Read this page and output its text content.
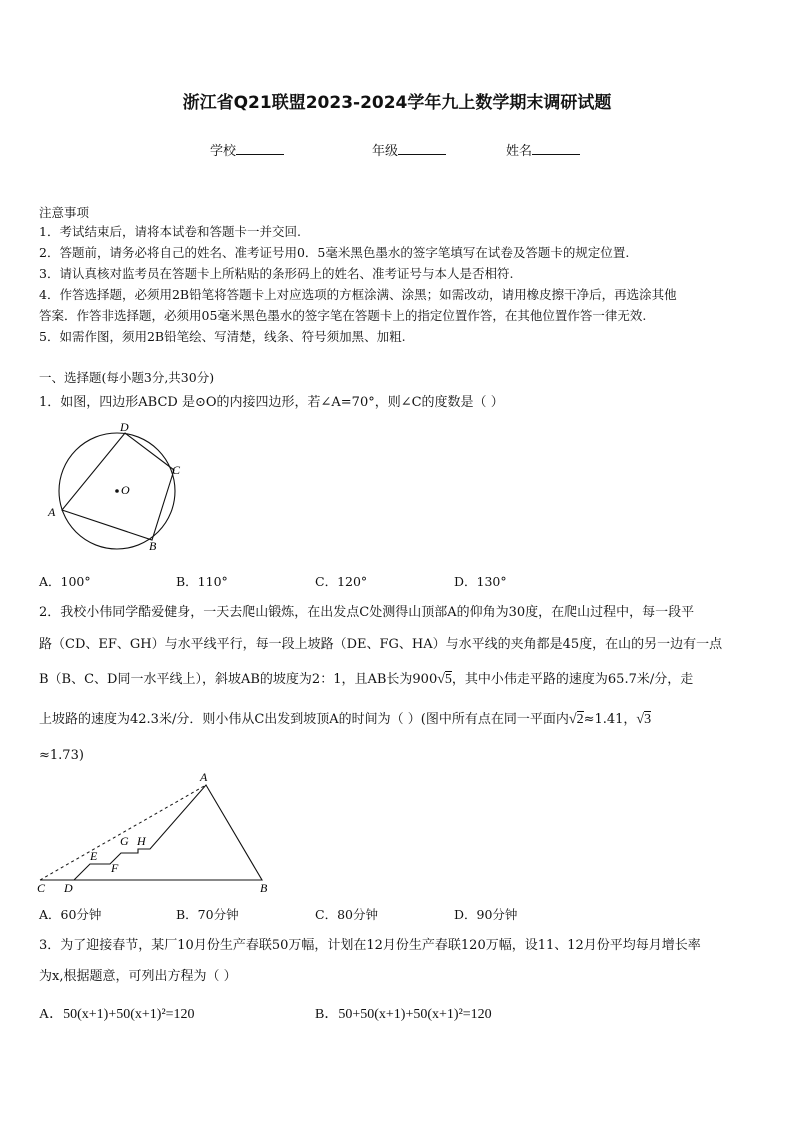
浙江省Q21联盟2023-2024学年九上数学期末调研试题
学校	年级	姓名
注意事项
1．考试结束后，请将本试卷和答题卡一并交回.
2．答题前，请务必将自己的姓名、准考证号用0．5毫米黑色墨水的签字笔填写在试卷及答题卡的规定位置.
3．请认真核对监考员在答题卡上所粘贴的条形码上的姓名、准考证号与本人是否相符.
4．作答选择题，必须用2B铅笔将答题卡上对应选项的方框涂满、涂黑；如需改动，请用橡皮擦干净后，再选涂其他
答案．作答非选择题，必须用05毫米黑色墨水的签字笔在答题卡上的指定位置作答，在其他位置作答一律无效.
5．如需作图，须用2B铅笔绘、写清楚，线条、符号须加黑、加粗.
一、选择题(每小题3分,共30分)
1．如图，四边形ABCD 是⊙O的内接四边形，若∠A=70°，则∠C的度数是（ ）
O
D
C
B
A
A．100°	B．110°	C．120°	D．130°
2．我校小伟同学酷爱健身，一天去爬山锻炼，在出发点C处测得山顶部A的仰角为30度，在爬山过程中，每一段平
路（CD、EF、GH）与水平线平行，每一段上坡路（DE、FG、HA）与水平线的夹角都是45度，在山的另一边有一点
B（B、C、D同一水平线上），斜坡AB的坡度为2：1，且AB长为900√5，其中小伟走平路的速度为65.7米/分，走
上坡路的速度为42.3米/分．则小伟从C出发到坡顶A的时间为（ ）(图中所有点在同一平面内√2≈1.41，√3
≈1.73)
A
C D
E
F
G H
B
A．60分钟	B．70分钟	C．80分钟	D．90分钟
3．为了迎接春节，某厂10月份生产春联50万幅，计划在12月份生产春联120万幅，设11、12月份平均每月增长率
为x,根据题意，可列出方程为（ ）
A．50(x+1)+50(x+1)²=120	B．50+50(x+1)+50(x+1)²=120
